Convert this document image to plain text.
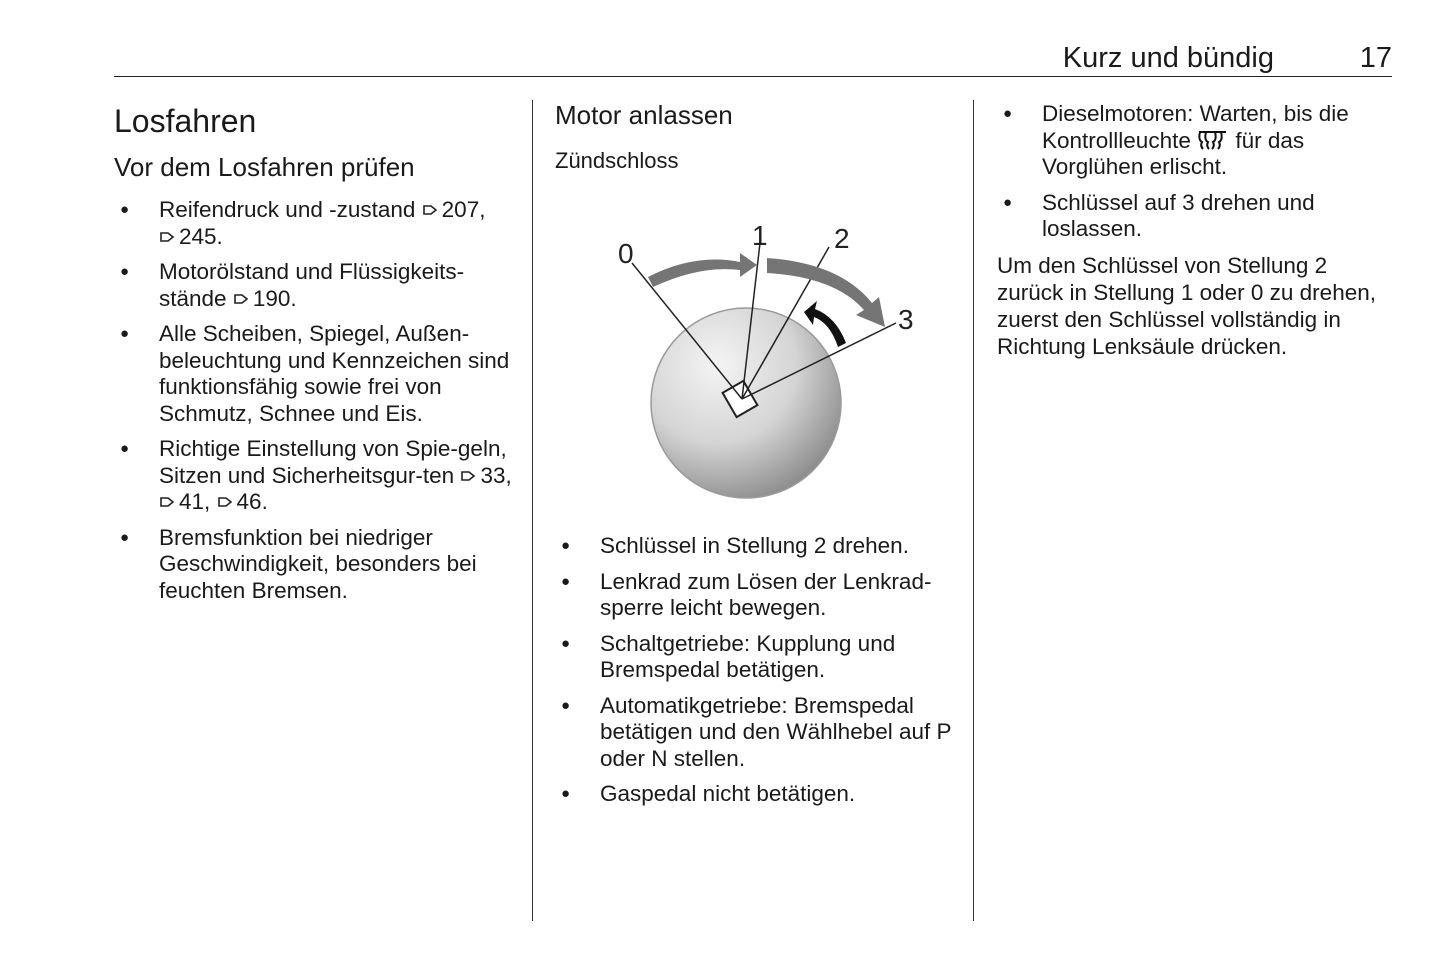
Kurz und bündig	17
Losfahren
Vor dem Losfahren prüfen
● Reifendruck und -zustand 207,
245.
● Motorölstand und Flüssigkeits-
stände 190.
● Alle Scheiben, Spiegel, Außen-beleuchtung und Kennzeichen sind funktionsfähig sowie frei von Schmutz, Schnee und Eis.
● Richtige Einstellung von Spie-geln, Sitzen und Sicherheitsgur-ten 33, 41, 46.
● Bremsfunktion bei niedriger Geschwindigkeit, besonders bei feuchten Bremsen.
Motor anlassen
Zündschloss
0
1 2
3
● Schlüssel in Stellung 2 drehen.
● Lenkrad zum Lösen der Lenkrad-sperre leicht bewegen.
● Schaltgetriebe: Kupplung und Bremspedal betätigen.
● Automatikgetriebe: Bremspedal betätigen und den Wählhebel auf P oder N stellen.
● Gaspedal nicht betätigen.
● Dieselmotoren: Warten, bis die Kontrollleuchte für das Vorglühen erlischt.
● Schlüssel auf 3 drehen und loslassen.

Um den Schlüssel von Stellung 2 zurück in Stellung 1 oder 0 zu drehen, zuerst den Schlüssel vollständig in Richtung Lenksäule drücken.
